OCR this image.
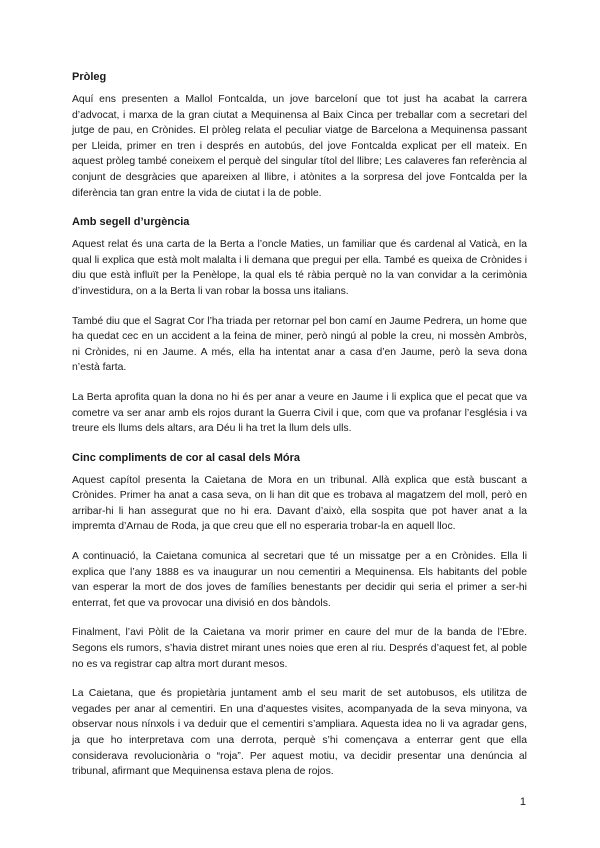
Pròleg

Aquí ens presenten a Mallol Fontcalda, un jove barceloní que tot just ha acabat la carrera d’advocat, i marxa de la gran ciutat a Mequinensa al Baix Cinca per treballar com a secretari del jutge de pau, en Crònides. El pròleg relata el peculiar viatge de Barcelona a Mequinensa passant per Lleida, primer en tren i després en autobús, del jove Fontcalda explicat per ell mateix. En aquest pròleg també coneixem el perquè del singular títol del llibre; Les calaveres fan referència al conjunt de desgràcies que apareixen al llibre, i atònites a la sorpresa del jove Fontcalda per la diferència tan gran entre la vida de ciutat i la de poble.

Amb segell d’urgència

Aquest relat és una carta de la Berta a l’oncle Maties, un familiar que és cardenal al Vaticà, en la qual li explica que està molt malalta i li demana que pregui per ella. També es queixa de Crònides i diu que està influït per la Penèlope, la qual els té ràbia perquè no la van convidar a la cerimònia d’investidura, on a la Berta li van robar la bossa uns italians.

També diu que el Sagrat Cor l’ha triada per retornar pel bon camí en Jaume Pedrera, un home que ha quedat cec en un accident a la feina de miner, però ningú al poble la creu, ni mossèn Ambròs, ni Crònides, ni en Jaume. A més, ella ha intentat anar a casa d’en Jaume, però la seva dona n’està farta.

La Berta aprofita quan la dona no hi és per anar a veure en Jaume i li explica que el pecat que va cometre va ser anar amb els rojos durant la Guerra Civil i que, com que va profanar l’església i va treure els llums dels altars, ara Déu li ha tret la llum dels ulls.

Cinc compliments de cor al casal dels Móra

Aquest capítol presenta la Caietana de Mora en un tribunal. Allà explica que està buscant a Crònides. Primer ha anat a casa seva, on li han dit que es trobava al magatzem del moll, però en arribar-hi li han assegurat que no hi era. Davant d’això, ella sospita que pot haver anat a la impremta d’Arnau de Roda, ja que creu que ell no esperaria trobar-la en aquell lloc.

A continuació, la Caietana comunica al secretari que té un missatge per a en Crònides. Ella li explica que l’any 1888 es va inaugurar un nou cementiri a Mequinensa. Els habitants del poble van esperar la mort de dos joves de famílies benestants per decidir qui seria el primer a ser-hi enterrat, fet que va provocar una divisió en dos bàndols.

Finalment, l’avi Pòlit de la Caietana va morir primer en caure del mur de la banda de l’Ebre. Segons els rumors, s’havia distret mirant unes noies que eren al riu. Després d’aquest fet, al poble no es va registrar cap altra mort durant mesos.

La Caietana, que és propietària juntament amb el seu marit de set autobusos, els utilitza de vegades per anar al cementiri. En una d’aquestes visites, acompanyada de la seva minyona, va observar nous nínxols i va deduir que el cementiri s’ampliara. Aquesta idea no li va agradar gens, ja que ho interpretava com una derrota, perquè s’hi començava a enterrar gent que ella considerava revolucionària o “roja”. Per aquest motiu, va decidir presentar una denúncia al tribunal, afirmant que Mequinensa estava plena de rojos.

1
